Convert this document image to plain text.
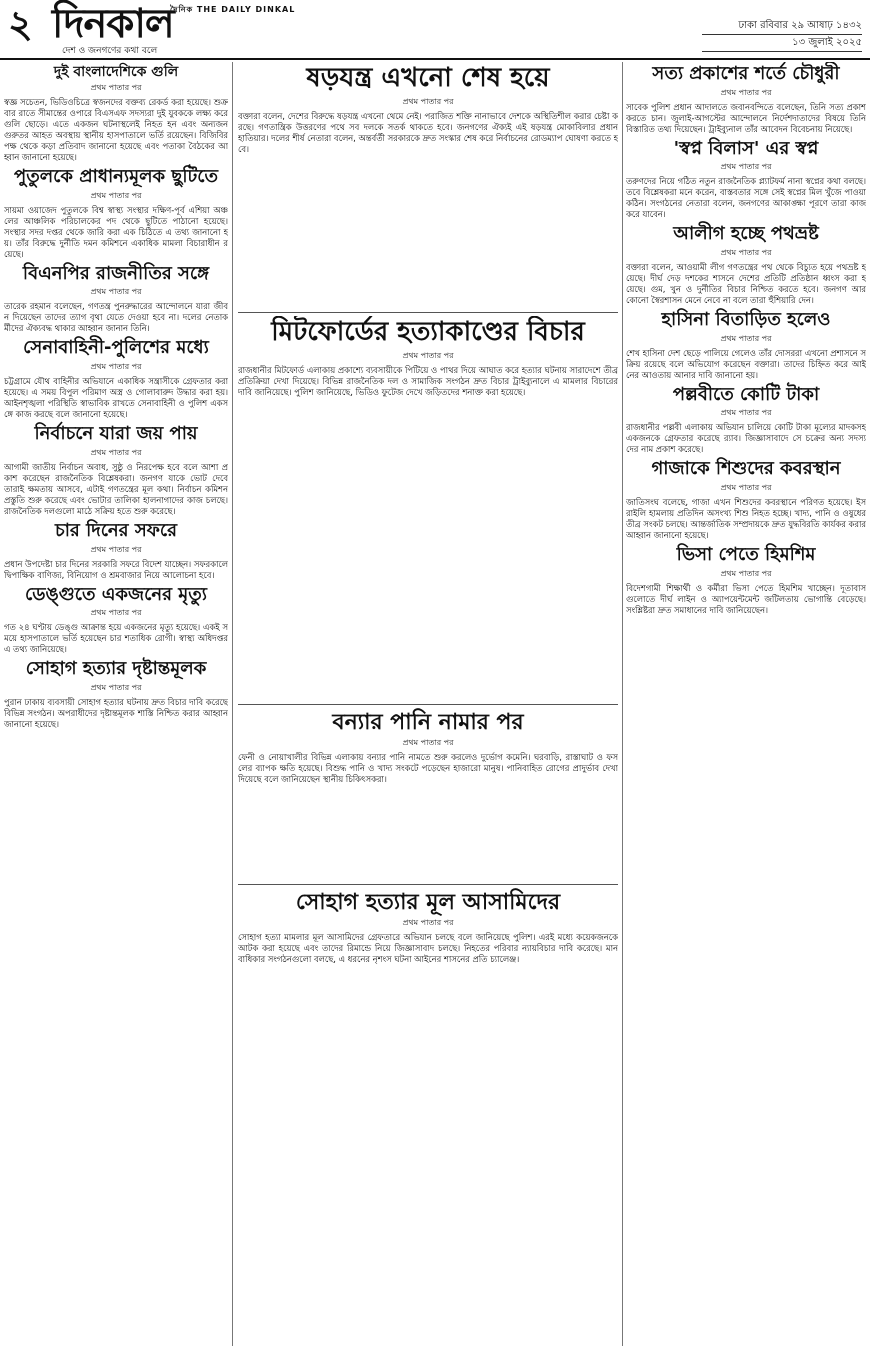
২ দিনকাল
দৈনিক THE DAILY DINKAL
দেশ ও জনগণের কথা বলে
ঢাকা রবিবার ২৯ আষাঢ় ১৪৩২
১৩ জুলাই ২০২৫
দুই বাংলাদেশিকে গুলি
প্রথম পাতার পর

স্বজ্ঞ সচেতন, ভিডিওচিত্রে স্বজনদের বক্তব্য রেকর্ড করা হয়েছে। শুক্রবার রাতে সীমান্তের ওপারে বিএসএফ সদস্যরা দুই যুবককে লক্ষ্য করে গুলি ছোড়ে। এতে একজন ঘটনাস্থলেই নিহত হন এবং অন্যজন গুরুতর আহত অবস্থায় স্থানীয় হাসপাতালে ভর্তি রয়েছেন। বিজিবির পক্ষ থেকে কড়া প্রতিবাদ জানানো হয়েছে এবং পতাকা বৈঠকের আহ্বান জানানো হয়েছে।

পুতুলকে প্রাধান্যমূলক ছুটিতে
প্রথম পাতার পর

সায়মা ওয়াজেদ পুতুলকে বিশ্ব স্বাস্থ্য সংস্থার দক্ষিণ-পূর্ব এশিয়া অঞ্চলের আঞ্চলিক পরিচালকের পদ থেকে ছুটিতে পাঠানো হয়েছে। সংস্থার সদর দপ্তর থেকে জারি করা এক চিঠিতে এ তথ্য জানানো হয়। তাঁর বিরুদ্ধে দুর্নীতি দমন কমিশনে একাধিক মামলা বিচারাধীন রয়েছে।

বিএনপির রাজনীতির সঙ্গে
প্রথম পাতার পর

তারেক রহমান বলেছেন, গণতন্ত্র পুনরুদ্ধারের আন্দোলনে যারা জীবন দিয়েছেন তাদের ত্যাগ বৃথা যেতে দেওয়া হবে না। দলের নেতাকর্মীদের ঐক্যবদ্ধ থাকার আহ্বান জানান তিনি।

সেনাবাহিনী-পুলিশের মধ্যে
প্রথম পাতার পর

চট্টগ্রামে যৌথ বাহিনীর অভিযানে একাধিক সন্ত্রাসীকে গ্রেফতার করা হয়েছে। এ সময় বিপুল পরিমাণ অস্ত্র ও গোলাবারুদ উদ্ধার করা হয়। আইনশৃঙ্খলা পরিস্থিতি স্বাভাবিক রাখতে সেনাবাহিনী ও পুলিশ একসঙ্গে কাজ করছে বলে জানানো হয়েছে।

নির্বাচনে যারা জয় পায়
প্রথম পাতার পর

আগামী জাতীয় নির্বাচন অবাধ, সুষ্ঠু ও নিরপেক্ষ হবে বলে আশা প্রকাশ করেছেন রাজনৈতিক বিশ্লেষকরা। জনগণ যাকে ভোট দেবে তারাই ক্ষমতায় আসবে, এটাই গণতন্ত্রের মূল কথা। নির্বাচন কমিশন প্রস্তুতি শুরু করেছে এবং ভোটার তালিকা হালনাগাদের কাজ চলছে। রাজনৈতিক দলগুলো মাঠে সক্রিয় হতে শুরু করেছে।

চার দিনের সফরে
প্রথম পাতার পর

প্রধান উপদেষ্টা চার দিনের সরকারি সফরে বিদেশ যাচ্ছেন। সফরকালে দ্বিপাক্ষিক বাণিজ্য, বিনিয়োগ ও শ্রমবাজার নিয়ে আলোচনা হবে।

ডেঙ্গুতে একজনের মৃত্যু
প্রথম পাতার পর

গত ২৪ ঘণ্টায় ডেঙ্গু আক্রান্ত হয়ে একজনের মৃত্যু হয়েছে। একই সময়ে হাসপাতালে ভর্তি হয়েছেন চার শতাধিক রোগী। স্বাস্থ্য অধিদপ্তর এ তথ্য জানিয়েছে।

সোহাগ হত্যার দৃষ্টান্তমূলক
প্রথম পাতার পর

পুরান ঢাকায় ব্যবসায়ী সোহাগ হত্যার ঘটনায় দ্রুত বিচার দাবি করেছে বিভিন্ন সংগঠন। অপরাধীদের দৃষ্টান্তমূলক শাস্তি নিশ্চিত করার আহ্বান জানানো হয়েছে।

ষড়যন্ত্র এখনো শেষ হয়ে
প্রথম পাতার পর

বক্তারা বলেন, দেশের বিরুদ্ধে ষড়যন্ত্র এখনো থেমে নেই। পরাজিত শক্তি নানাভাবে দেশকে অস্থিতিশীল করার চেষ্টা করছে। গণতান্ত্রিক উত্তরণের পথে সব দলকে সতর্ক থাকতে হবে। জনগণের ঐক্যই এই ষড়যন্ত্র মোকাবিলার প্রধান হাতিয়ার। দলের শীর্ষ নেতারা বলেন, অন্তর্বর্তী সরকারকে দ্রুত সংস্কার শেষ করে নির্বাচনের রোডম্যাপ ঘোষণা করতে হবে।

মিটফোর্ডের হত্যাকাণ্ডের বিচার
প্রথম পাতার পর

রাজধানীর মিটফোর্ড এলাকায় প্রকাশ্যে ব্যবসায়ীকে পিটিয়ে ও পাথর দিয়ে আঘাত করে হত্যার ঘটনায় সারাদেশে তীব্র প্রতিক্রিয়া দেখা দিয়েছে। বিভিন্ন রাজনৈতিক দল ও সামাজিক সংগঠন দ্রুত বিচার ট্রাইব্যুনালে এ মামলার বিচারের দাবি জানিয়েছে। পুলিশ জানিয়েছে, ভিডিও ফুটেজ দেখে জড়িতদের শনাক্ত করা হয়েছে।

বন্যার পানি নামার পর
প্রথম পাতার পর

ফেনী ও নোয়াখালীর বিভিন্ন এলাকায় বন্যার পানি নামতে শুরু করলেও দুর্ভোগ কমেনি। ঘরবাড়ি, রাস্তাঘাট ও ফসলের ব্যাপক ক্ষতি হয়েছে। বিশুদ্ধ পানি ও খাদ্য সংকটে পড়েছেন হাজারো মানুষ। পানিবাহিত রোগের প্রাদুর্ভাব দেখা দিয়েছে বলে জানিয়েছেন স্থানীয় চিকিৎসকরা।

সোহাগ হত্যার মূল আসামিদের
প্রথম পাতার পর

সোহাগ হত্যা মামলার মূল আসামিদের গ্রেফতারে অভিযান চলছে বলে জানিয়েছে পুলিশ। এরই মধ্যে কয়েকজনকে আটক করা হয়েছে এবং তাদের রিমান্ডে নিয়ে জিজ্ঞাসাবাদ চলছে। নিহতের পরিবার ন্যায়বিচার দাবি করেছে। মানবাধিকার সংগঠনগুলো বলছে, এ ধরনের নৃশংস ঘটনা আইনের শাসনের প্রতি চ্যালেঞ্জ।

সত্য প্রকাশের শর্তে চৌধুরী
প্রথম পাতার পর

সাবেক পুলিশ প্রধান আদালতে জবানবন্দিতে বলেছেন, তিনি সত্য প্রকাশ করতে চান। জুলাই-আগস্টের আন্দোলনে নির্দেশদাতাদের বিষয়ে তিনি বিস্তারিত তথ্য দিয়েছেন। ট্রাইব্যুনাল তাঁর আবেদন বিবেচনায় নিয়েছে।

'স্বপ্ন বিলাস' এর স্বপ্ন
প্রথম পাতার পর

তরুণদের নিয়ে গঠিত নতুন রাজনৈতিক প্ল্যাটফর্ম নানা স্বপ্নের কথা বলছে। তবে বিশ্লেষকরা মনে করেন, বাস্তবতার সঙ্গে সেই স্বপ্নের মিল খুঁজে পাওয়া কঠিন। সংগঠনের নেতারা বলেন, জনগণের আকাঙ্ক্ষা পূরণে তারা কাজ করে যাবেন।

আলীগ হচ্ছে পথভ্রষ্ট
প্রথম পাতার পর

বক্তারা বলেন, আওয়ামী লীগ গণতন্ত্রের পথ থেকে বিচ্যুত হয়ে পথভ্রষ্ট হয়েছে। দীর্ঘ দেড় দশকের শাসনে দেশের প্রতিটি প্রতিষ্ঠান ধ্বংস করা হয়েছে। গুম, খুন ও দুর্নীতির বিচার নিশ্চিত করতে হবে। জনগণ আর কোনো স্বৈরশাসন মেনে নেবে না বলে তারা হুঁশিয়ারি দেন।

হাসিনা বিতাড়িত হলেও
প্রথম পাতার পর

শেখ হাসিনা দেশ ছেড়ে পালিয়ে গেলেও তাঁর দোসররা এখনো প্রশাসনে সক্রিয় রয়েছে বলে অভিযোগ করেছেন বক্তারা। তাদের চিহ্নিত করে আইনের আওতায় আনার দাবি জানানো হয়।

পল্লবীতে কোটি টাকা
প্রথম পাতার পর

রাজধানীর পল্লবী এলাকায় অভিযান চালিয়ে কোটি টাকা মূল্যের মাদকসহ একজনকে গ্রেফতার করেছে র‍্যাব। জিজ্ঞাসাবাদে সে চক্রের অন্য সদস্যদের নাম প্রকাশ করেছে।

গাজাকে শিশুদের কবরস্থান
প্রথম পাতার পর

জাতিসংঘ বলেছে, গাজা এখন শিশুদের কবরস্থানে পরিণত হয়েছে। ইসরাইলি হামলায় প্রতিদিন অসংখ্য শিশু নিহত হচ্ছে। খাদ্য, পানি ও ওষুধের তীব্র সংকট চলছে। আন্তর্জাতিক সম্প্রদায়কে দ্রুত যুদ্ধবিরতি কার্যকর করার আহ্বান জানানো হয়েছে।

ভিসা পেতে হিমশিম
প্রথম পাতার পর

বিদেশগামী শিক্ষার্থী ও কর্মীরা ভিসা পেতে হিমশিম খাচ্ছেন। দূতাবাসগুলোতে দীর্ঘ লাইন ও অ্যাপয়েন্টমেন্ট জটিলতায় ভোগান্তি বেড়েছে। সংশ্লিষ্টরা দ্রুত সমাধানের দাবি জানিয়েছেন।
